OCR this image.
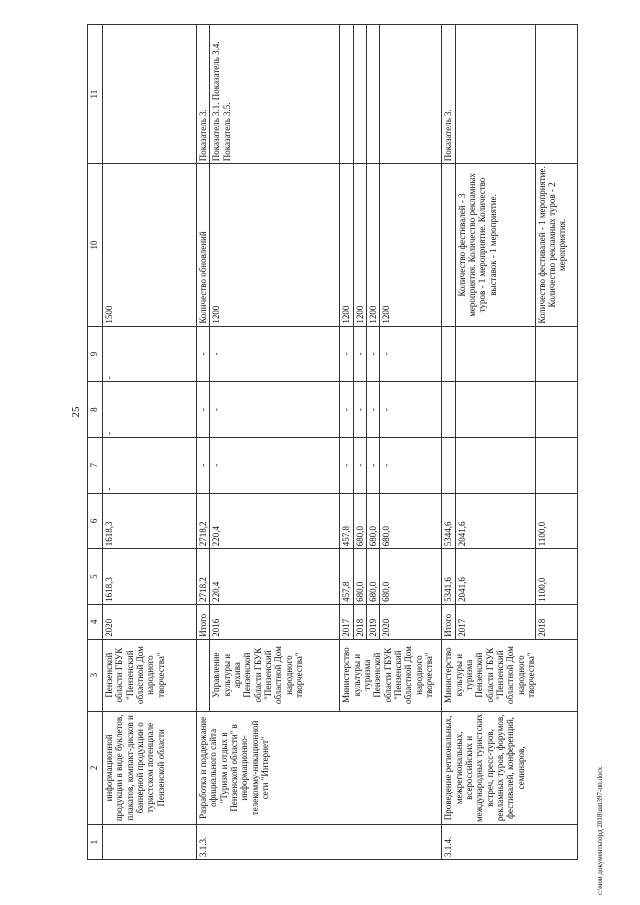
25
1	2	3	4	5	6	7	8	9	10	11
	информационной продукции в виде буклетов, плакатов, компакт-дисков и баннерной продукции о туристском потенциале Пензенской области	Пензенской области ГБУК "Пензенский областной Дом народного творчества"	2020	1618,3	1618,3	-	-	-	1500	
3.1.3.	Разработка и поддержание официального сайта "Туризм и отдых в Пензенской области" в информационно-телекомму-никационной сети "Интернет"		Итого	2718,2	2718,2	-	-	-	Количество обновлений	Показатель 3.
		Управление культуры и архива Пензенской области ГБУК "Пензенский областной Дом народного творчества"	2016	220,4	220,4	-	-	-	1200	Показатель 3.1. Показатель 3.4. Показатель 3.5.
		Министерство культуры и туризма Пензенской области ГБУК "Пензенский областной Дом народного творчества"	2017	457,8	457,8	-	-	-	1200	
			2018	680,0	680,0	-	-	-	1200	
			2019	680,0	680,0	-	-	-	1200	
			2020	680,0	680,0	-	-	-	1200	
3.1.4.	Проведение региональных, межрегиональных, всероссийских и международных туристских встреч, пресс-туров, рекламных туров, форумов, фестивалей, конференций, семинаров,	Министерство культуры и туризма Пензенской области ГБУК "Пензенский областной Дом народного творчества"	Итого	5341,6	5344,6					Показатель 3.
			2017	2041,6	2041,6				Количество фестивалей - 3 мероприятия. Количество рекламных туров - 1 мероприятие. Количество выставок - 1 мероприятие.	
			2018	1100,0	1100,0				Количество фестивалей - 1 мероприятие. Количество рекламных туров - 2 мероприятия.	
c:\мои документы\орд 2018\шп397-пп.docx
